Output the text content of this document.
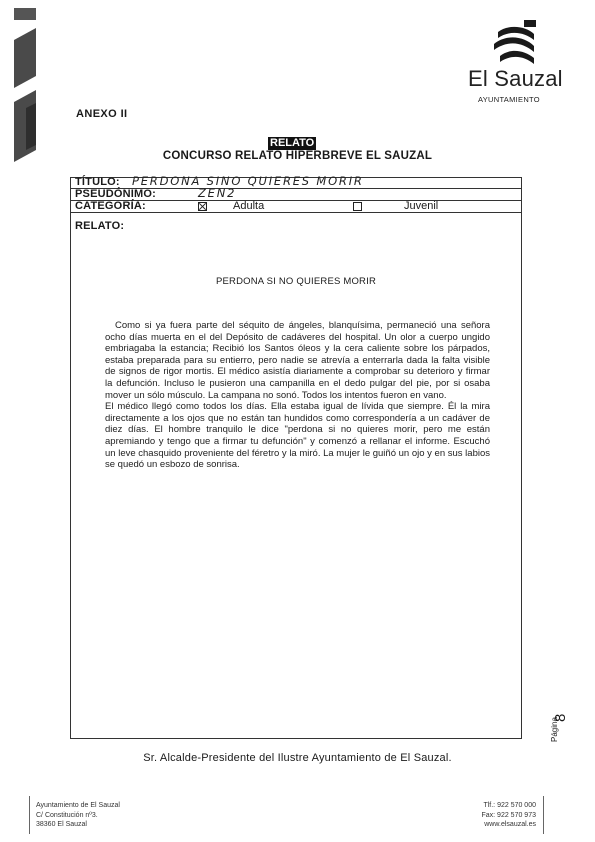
El Sauzal
AYUNTAMIENTO
ANEXO II
RELATO
CONCURSO RELATO HIPERBREVE EL SAUZAL
TÍTULO: PERDONA SINO QUIERES MORIR
PSEUDÓNIMO:	ZEN2
CATEGORÍA:	Adulta	Juvenil
RELATO:
PERDONA SI NO QUIERES MORIR

Como si ya fuera parte del séquito de ángeles, blanquísima, permaneció una señora ocho días muerta en el del Depósito de cadáveres del hospital. Un olor a cuerpo ungido embriagaba la estancia; Recibió los Santos óleos y la cera caliente sobre los párpados, estaba preparada para su entierro, pero nadie se atrevía a enterrarla dada la falta visible de signos de rigor mortis. El médico asistía diariamente a comprobar su deterioro y firmar la defunción. Incluso le pusieron una campanilla en el dedo pulgar del pie, por si osaba mover un sólo músculo. La campana no sonó. Todos los intentos fueron en vano.

El médico llegó como todos los días. Ella estaba igual de lívida que siempre. Él la mira directamente a los ojos que no están tan hundidos como correspondería a un cadáver de diez días. El hombre tranquilo le dice "perdona si no quieres morir, pero me están apremiando y tengo que a firmar tu defunción" y comenzó a rellanar el informe. Escuchó un leve chasquido proveniente del féretro y la miró. La mujer le guiñó un ojo y en sus labios se quedó un esbozo de sonrisa.

8
Página
Sr. Alcalde-Presidente del Ilustre Ayuntamiento de El Sauzal.
Ayuntamiento de El Sauzal
C/ Constitución nº3.
38360 El Sauzal
Tlf.: 922 570 000
Fax: 922 570 973
www.elsauzal.es
